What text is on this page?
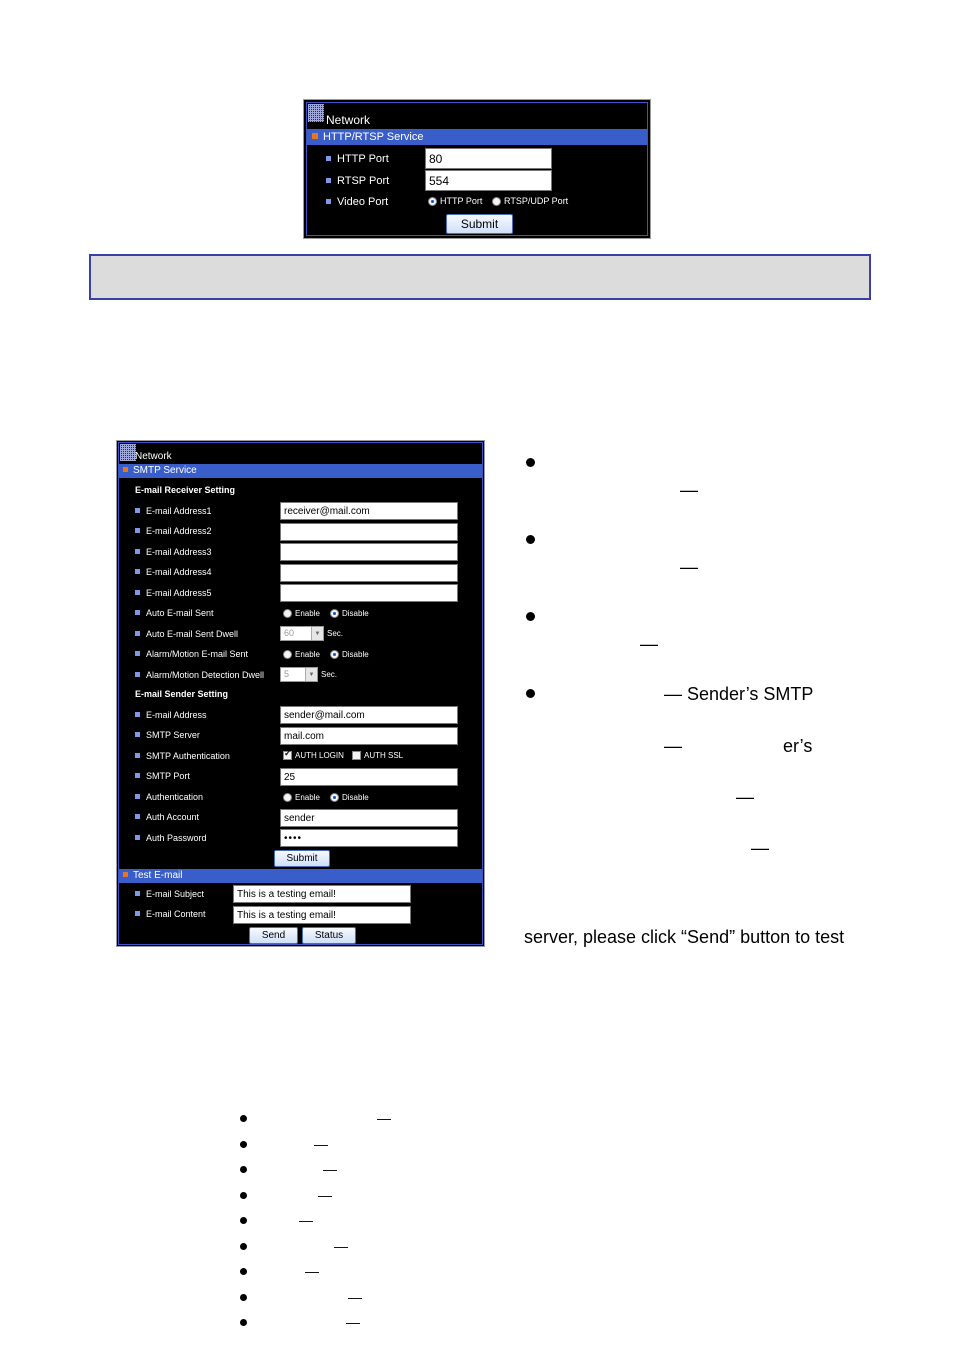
Network
HTTP/RTSP Service
HTTP Port
80
RTSP Port
554
Video Port	HTTP Port	RTSP/UDP Port
Submit
Network
SMTP Service
E-mail Receiver Setting
E-mail Address1
receiver@mail.com
E-mail Address2
E-mail Address3
E-mail Address4
E-mail Address5
Auto E-mail Sent	Enable	Disable
Auto E-mail Sent Dwell	60	▼ Sec.
Alarm/Motion E-mail Sent	Enable	Disable
Alarm/Motion Detection Dwell	5	▼ Sec.
E-mail Sender Setting
E-mail Address
sender@mail.com
SMTP Server
mail.com
SMTP Authentication
✓	AUTH LOGIN	AUTH SSL
SMTP Port
25
Authentication	Enable	Disable
Auth Account
sender
Auth Password
••••
Submit
Test E-mail
E-mail Subject
This is a testing email!
E-mail Content
This is a testing email!
Send	Status
—
—
—
— Sender’s SMTP
—	er’s
—
—
server, please click “Send” button to test
—
—
—
—
—
—
—
—
—
